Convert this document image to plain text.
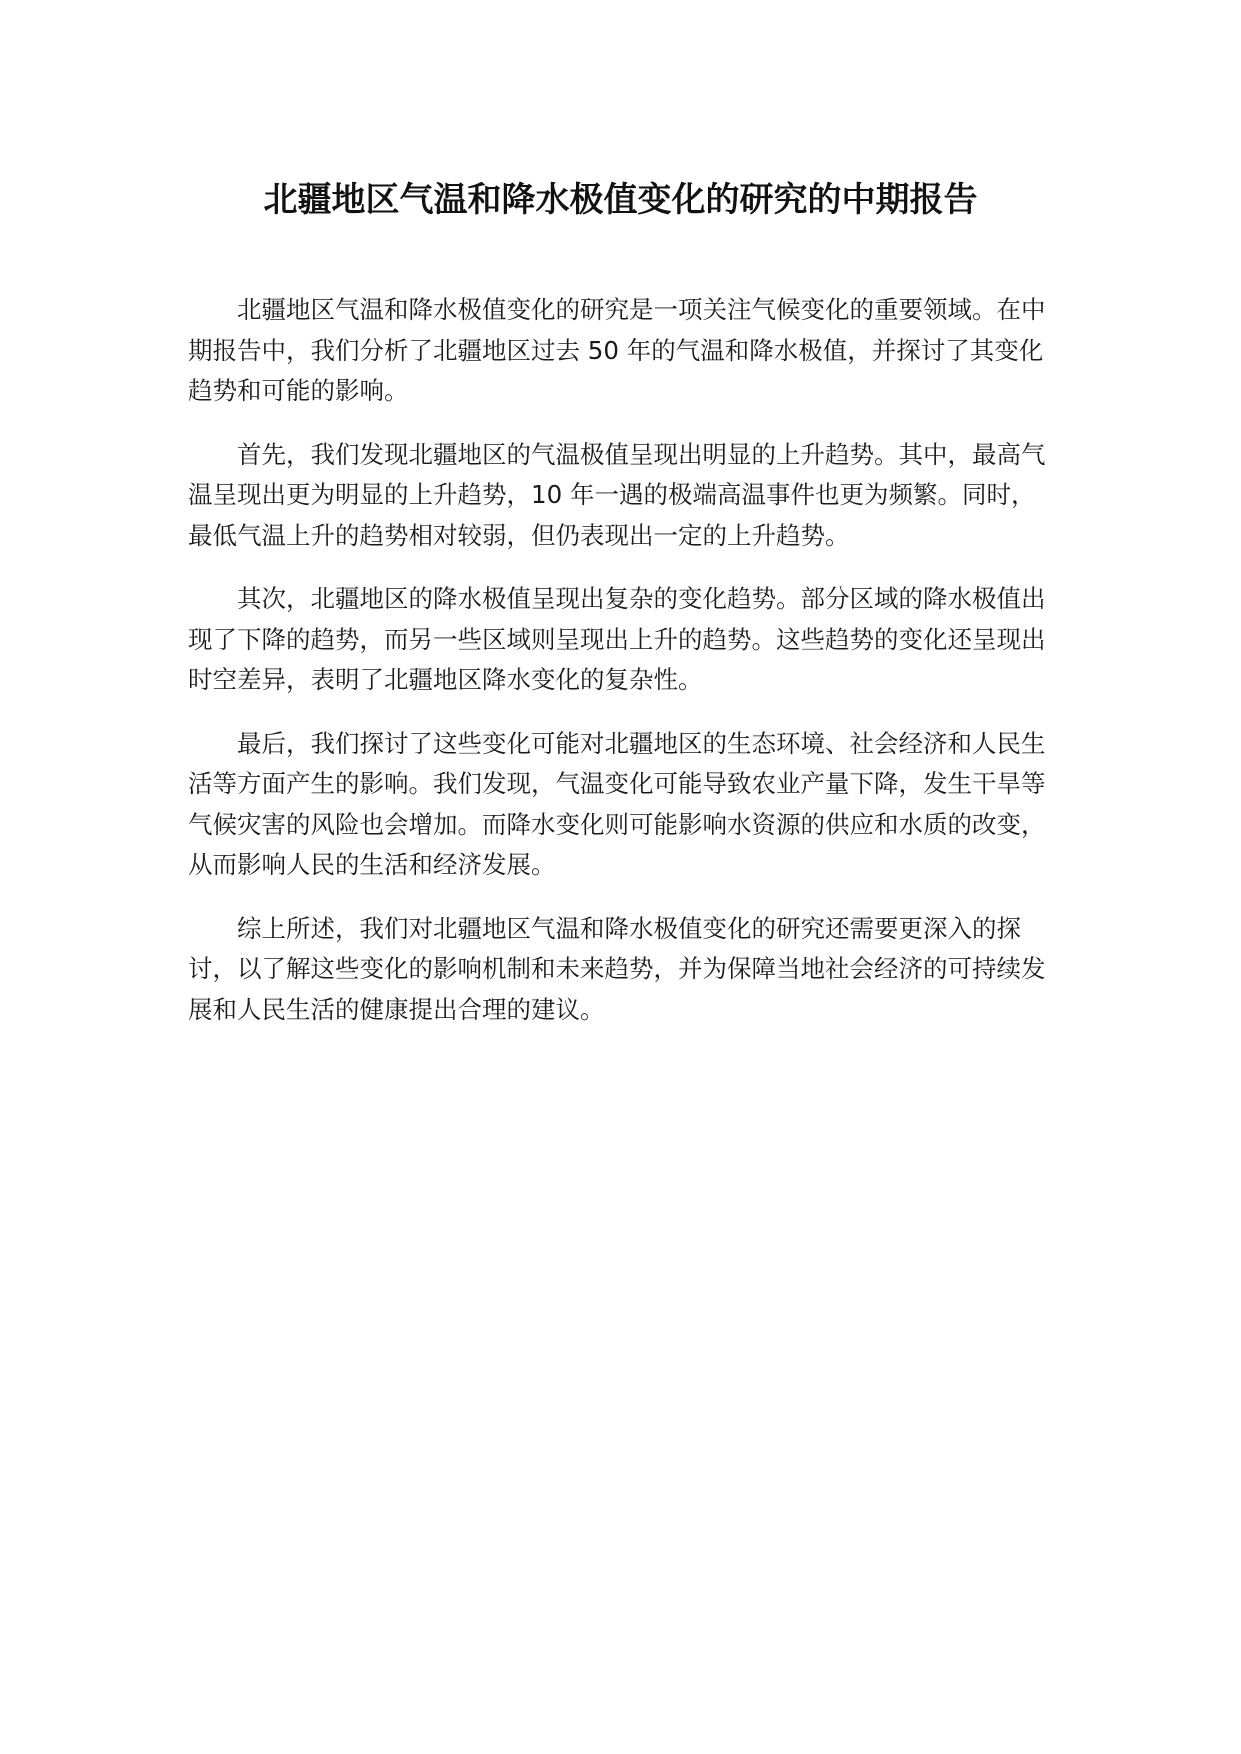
北疆地区气温和降水极值变化的研究的中期报告

北疆地区气温和降水极值变化的研究是一项关注气候变化的重要领域。在中期报告中，我们分析了北疆地区过去 50 年的气温和降水极值，并探讨了其变化趋势和可能的影响。

首先，我们发现北疆地区的气温极值呈现出明显的上升趋势。其中，最高气温呈现出更为明显的上升趋势，10 年一遇的极端高温事件也更为频繁。同时，最低气温上升的趋势相对较弱，但仍表现出一定的上升趋势。

其次，北疆地区的降水极值呈现出复杂的变化趋势。部分区域的降水极值出现了下降的趋势，而另一些区域则呈现出上升的趋势。这些趋势的变化还呈现出时空差异，表明了北疆地区降水变化的复杂性。

最后，我们探讨了这些变化可能对北疆地区的生态环境、社会经济和人民生活等方面产生的影响。我们发现，气温变化可能导致农业产量下降，发生干旱等气候灾害的风险也会增加。而降水变化则可能影响水资源的供应和水质的改变，从而影响人民的生活和经济发展。

综上所述，我们对北疆地区气温和降水极值变化的研究还需要更深入的探讨，以了解这些变化的影响机制和未来趋势，并为保障当地社会经济的可持续发展和人民生活的健康提出合理的建议。
